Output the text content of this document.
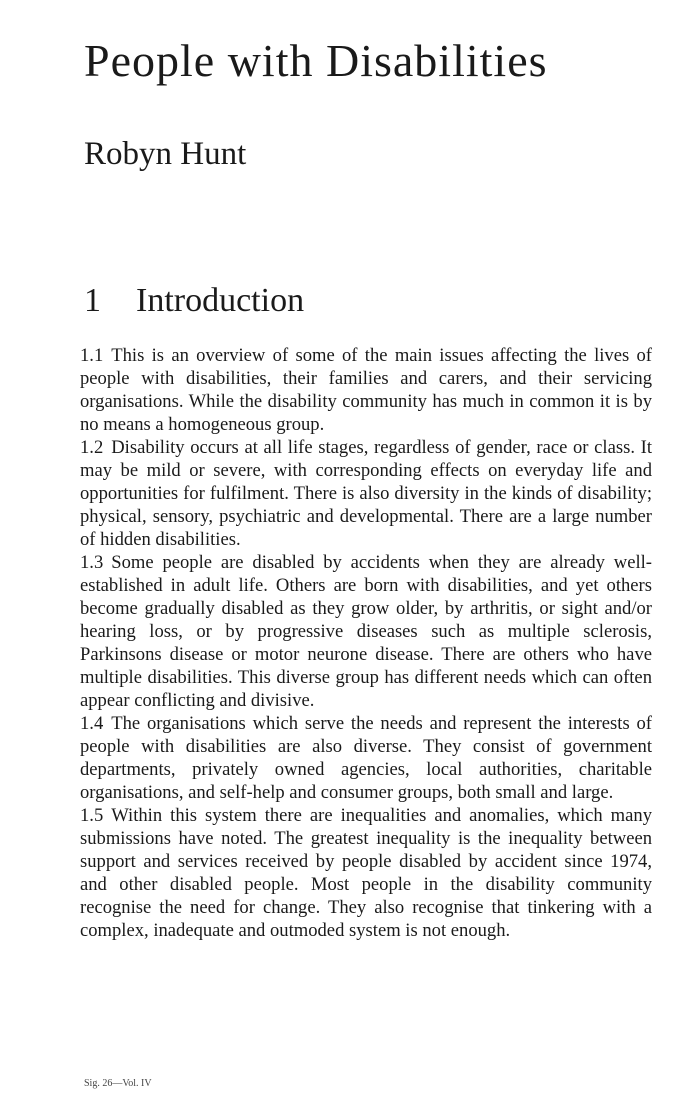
People with Disabilities
Robyn Hunt
1 Introduction

1.1 This is an overview of some of the main issues affecting the lives of people with disabilities, their families and carers, and their servicing organisations. While the disability community has much in common it is by no means a homogeneous group.

1.2 Disability occurs at all life stages, regardless of gender, race or class. It may be mild or severe, with corresponding effects on everyday life and opportunities for fulfilment. There is also diversity in the kinds of disability; physical, sensory, psychiatric and developmental. There are a large number of hidden disabilities.

1.3 Some people are disabled by accidents when they are already well-established in adult life. Others are born with disabilities, and yet others become gradually disabled as they grow older, by arthritis, or sight and/or hearing loss, or by progressive diseases such as multiple sclerosis, Parkinsons disease or motor neurone disease. There are others who have multiple disabilities. This diverse group has different needs which can often appear conflicting and divisive.

1.4 The organisations which serve the needs and represent the interests of people with disabilities are also diverse. They consist of government departments, privately owned agencies, local authorities, charitable organisations, and self-help and consumer groups, both small and large.

1.5 Within this system there are inequalities and anomalies, which many submissions have noted. The greatest inequality is the inequality between support and services received by people disabled by accident since 1974, and other disabled people. Most people in the disability community recognise the need for change. They also recognise that tinkering with a complex, inadequate and outmoded system is not enough.

Sig. 26—Vol. IV
